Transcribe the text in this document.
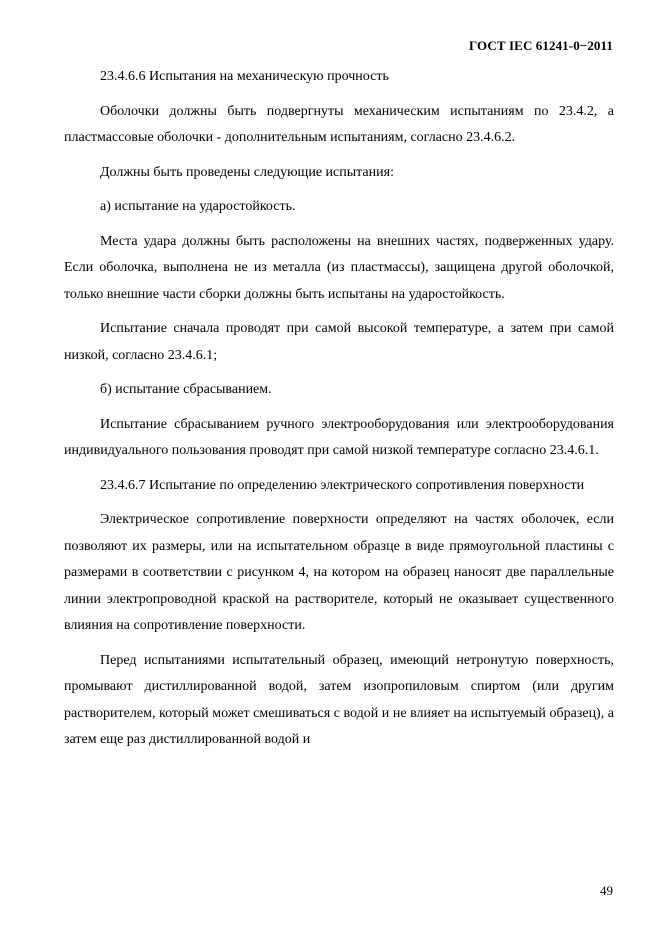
ГОСТ IEC 61241-0−2011

23.4.6.6 Испытания на механическую прочность

Оболочки должны быть подвергнуты механическим испытаниям по 23.4.2, а пластмассовые оболочки - дополнительным испытаниям, согласно 23.4.6.2.

Должны быть проведены следующие испытания:

а) испытание на ударостойкость.

Места удара должны быть расположены на внешних частях, подверженных удару. Если оболочка, выполнена не из металла (из пластмассы), защищена другой оболочкой, только внешние части сборки должны быть испытаны на ударостойкость.

Испытание сначала проводят при самой высокой температуре, а затем при самой низкой, согласно 23.4.6.1;

б) испытание сбрасыванием.

Испытание сбрасыванием ручного электрооборудования или электрооборудования индивидуального пользования проводят при самой низкой температуре согласно 23.4.6.1.

23.4.6.7 Испытание по определению электрического сопротивления поверхности

Электрическое сопротивление поверхности определяют на частях оболочек, если позволяют их размеры, или на испытательном образце в виде прямоугольной пластины с размерами в соответствии с рисунком 4, на котором на образец наносят две параллельные линии электропроводной краской на растворителе, который не оказывает существенного влияния на сопротивление поверхности.

Перед испытаниями испытательный образец, имеющий нетронутую поверхность, промывают дистиллированной водой, затем изопропиловым спиртом (или другим растворителем, который может смешиваться с водой и не влияет на испытуемый образец), а затем еще раз дистиллированной водой и

49
